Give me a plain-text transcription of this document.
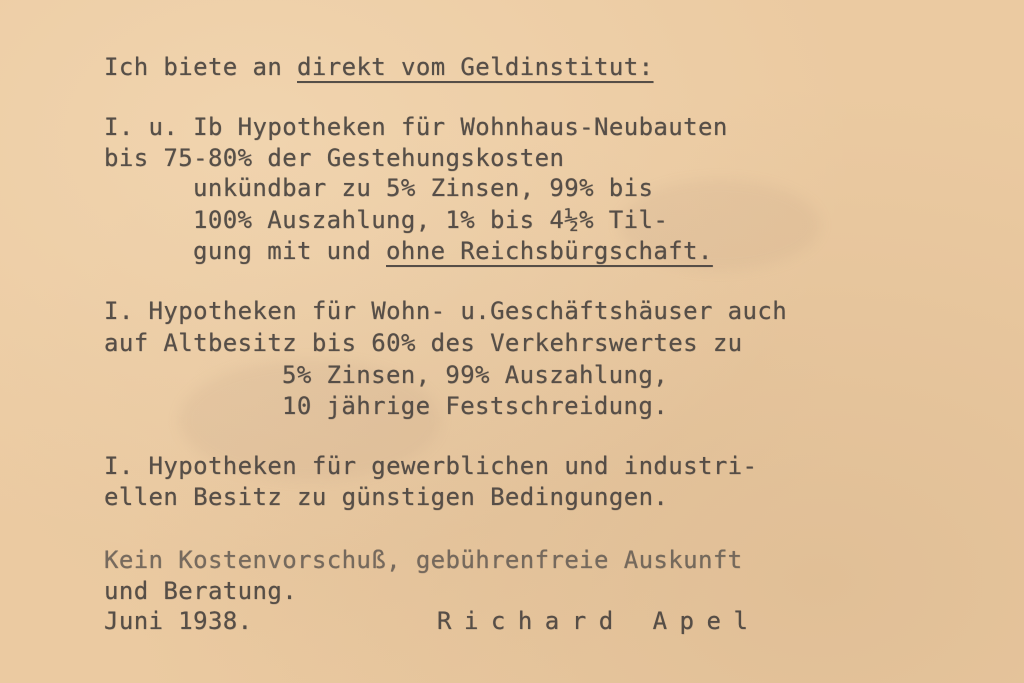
Ich biete an direkt vom Geldinstitut:

I. u. Ib Hypotheken für Wohnhaus-Neubauten

bis 75-80% der Gestehungskosten

unkündbar zu 5% Zinsen, 99% bis

100% Auszahlung, 1% bis 4½% Til-

gung mit und ohne Reichsbürgschaft.

I. Hypotheken für Wohn- u.Geschäftshäuser auch

auf Altbesitz bis 60% des Verkehrswertes zu

5% Zinsen, 99% Auszahlung,

10 jährige Festschreidung.

I. Hypotheken für gewerblichen und industri-

ellen Besitz zu günstigen Bedingungen.

Kein Kostenvorschuß, gebührenfreie Auskunft

und Beratung.

Juni 1938.	Richard Apel
